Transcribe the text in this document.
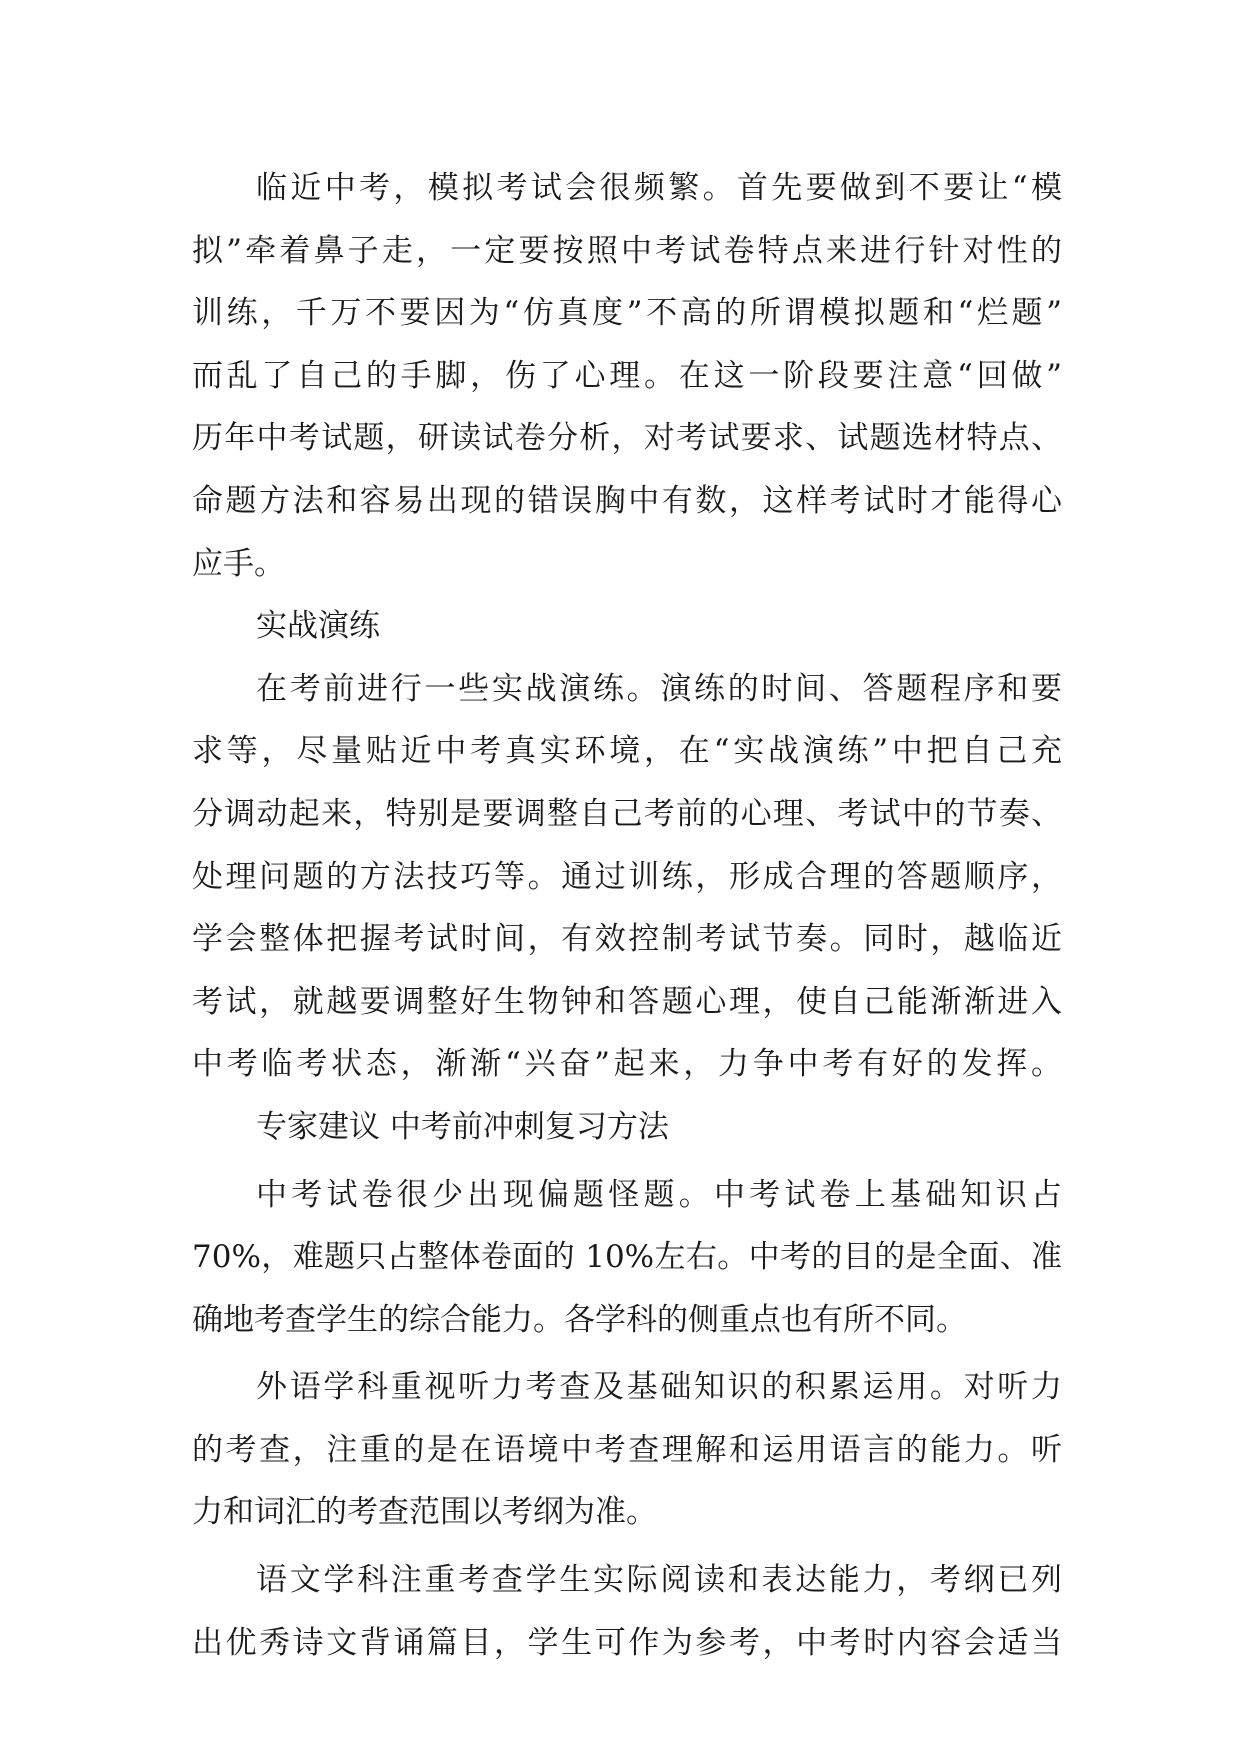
临近中考，模拟考试会很频繁。首先要做到不要让“模
拟”牵着鼻子走，一定要按照中考试卷特点来进行针对性的
训练，千万不要因为“仿真度”不高的所谓模拟题和“烂题”
而乱了自己的手脚，伤了心理。在这一阶段要注意“回做”
历年中考试题，研读试卷分析，对考试要求、试题选材特点、
命题方法和容易出现的错误胸中有数，这样考试时才能得心
应手。
实战演练
在考前进行一些实战演练。演练的时间、答题程序和要
求等，尽量贴近中考真实环境，在“实战演练”中把自己充
分调动起来，特别是要调整自己考前的心理、考试中的节奏、
处理问题的方法技巧等。通过训练，形成合理的答题顺序，
学会整体把握考试时间，有效控制考试节奏。同时，越临近
考试，就越要调整好生物钟和答题心理，使自己能渐渐进入
中考临考状态，渐渐“兴奋”起来，力争中考有好的发挥。
专家建议 中考前冲刺复习方法
中考试卷很少出现偏题怪题。中考试卷上基础知识占
70%，难题只占整体卷面的 10%左右。中考的目的是全面、准
确地考查学生的综合能力。各学科的侧重点也有所不同。
外语学科重视听力考查及基础知识的积累运用。对听力
的考查，注重的是在语境中考查理解和运用语言的能力。听
力和词汇的考查范围以考纲为准。
语文学科注重考查学生实际阅读和表达能力，考纲已列
出优秀诗文背诵篇目，学生可作为参考，中考时内容会适当
